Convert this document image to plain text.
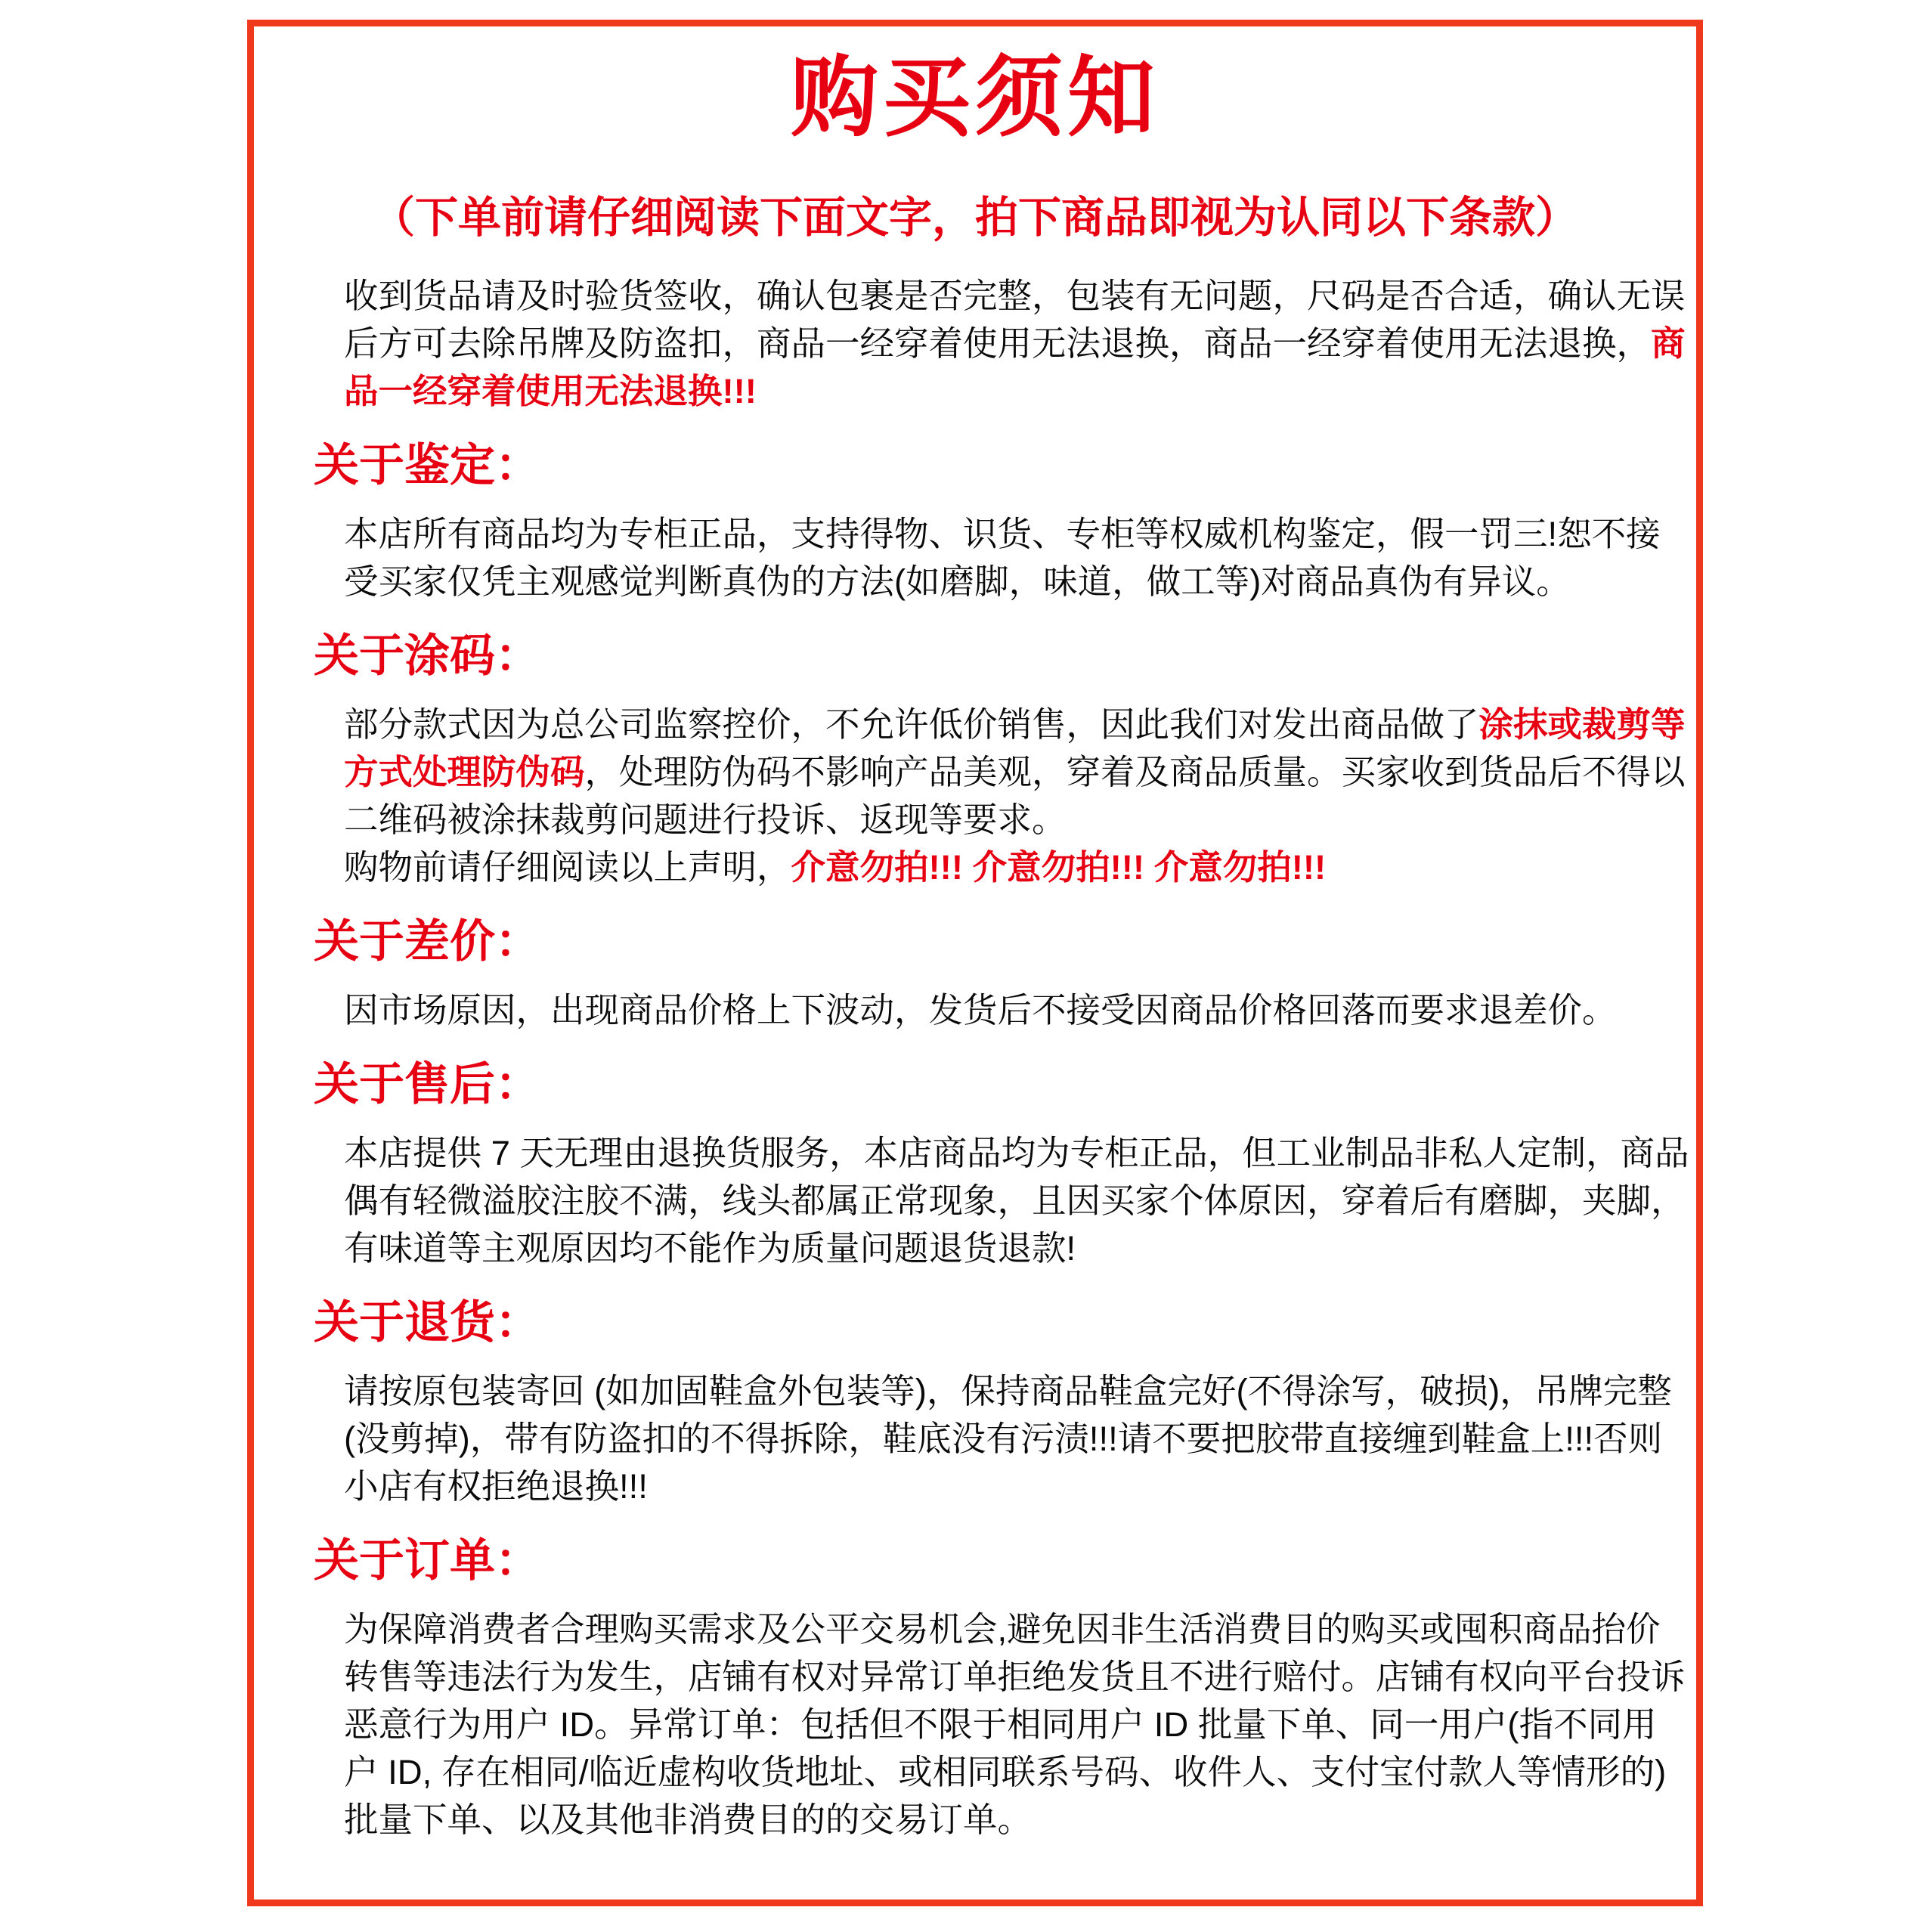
购买须知
（下单前请仔细阅读下面文字，拍下商品即视为认同以下条款）
收到货品请及时验货签收，确认包裹是否完整，包装有无问题，尺码是否合适，确认无误后方可去除吊牌及防盗扣，商品一经穿着使用无法退换，商品一经穿着使用无法退换，商品一经穿着使用无法退换!!!
关于鉴定：
本店所有商品均为专柜正品，支持得物、识货、专柜等权威机构鉴定，假一罚三!恕不接受买家仅凭主观感觉判断真伪的方法(如磨脚，味道，做工等)对商品真伪有异议。
关于涂码：
部分款式因为总公司监察控价，不允许低价销售，因此我们对发出商品做了涂抹或裁剪等方式处理防伪码，处理防伪码不影响产品美观，穿着及商品质量。买家收到货品后不得以二维码被涂抹裁剪问题进行投诉、返现等要求。
购物前请仔细阅读以上声明，介意勿拍!!! 介意勿拍!!! 介意勿拍!!!
关于差价：
因市场原因，出现商品价格上下波动，发货后不接受因商品价格回落而要求退差价。
关于售后：
本店提供 7 天无理由退换货服务，本店商品均为专柜正品，但工业制品非私人定制，商品偶有轻微溢胶注胶不满，线头都属正常现象，且因买家个体原因，穿着后有磨脚，夹脚，有味道等主观原因均不能作为质量问题退货退款!
关于退货：
请按原包装寄回 (如加固鞋盒外包装等)，保持商品鞋盒完好(不得涂写，破损)，吊牌完整(没剪掉)，带有防盗扣的不得拆除，鞋底没有污渍!!!请不要把胶带直接缠到鞋盒上!!!否则小店有权拒绝退换!!!
关于订单：
为保障消费者合理购买需求及公平交易机会,避免因非生活消费目的购买或囤积商品抬价转售等违法行为发生，店铺有权对异常订单拒绝发货且不进行赔付。店铺有权向平台投诉恶意行为用户 ID。异常订单：包括但不限于相同用户 ID 批量下单、同一用户(指不同用户 ID, 存在相同/临近虚构收货地址、或相同联系号码、收件人、支付宝付款人等情形的)批量下单、以及其他非消费目的的交易订单。
